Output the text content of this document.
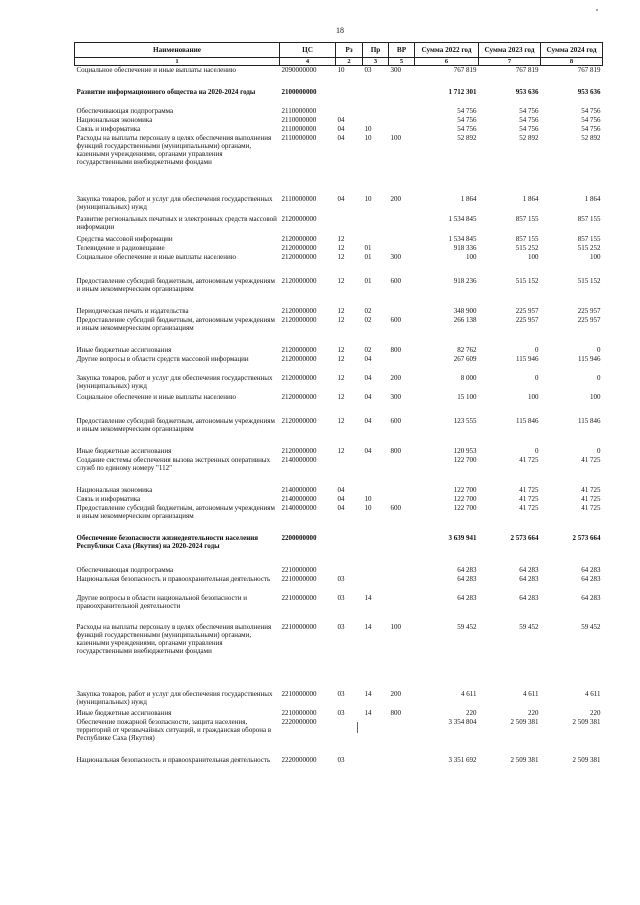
18
Наименование	ЦС	Рз	Пр	ВР	Сумма 2022 год	Сумма 2023 год	Сумма 2024 год
1	4	2	3	5	6	7	8
Социальное обеспечение и иные выплаты населению	2090000000	10	03	300	767 819	767 819	767 819

Развитие информационного общества на 2020-2024 годы	2100000000				1 712 301	953 636	953 636
Обеспечивающая подпрограмма	2110000000				54 756	54 756	54 756
Национальная экономика	2110000000	04			54 756	54 756	54 756
Связь и информатика	2110000000	04	10		54 756	54 756	54 756
Расходы на выплаты персоналу в целях обеспечения выполнения функций государственными (муниципальными) органами, казенными учреждениями, органами управления государственными внебюджетными фондами	2110000000	04	10	100	52 892	52 892	52 892
Закупка товаров, работ и услуг для обеспечения государственных (муниципальных) нужд	2110000000	04	10	200	1 864	1 864	1 864
Развитие региональных печатных и электронных средств массовой информации	2120000000				1 534 845	857 155	857 155
Средства массовой информации	2120000000	12			1 534 845	857 155	857 155
Телевидение и радиовещание	2120000000	12	01		918 336	515 252	515 252
Социальное обеспечение и иные выплаты населению	2120000000	12	01	300	100	100	100
Предоставление субсидий бюджетным, автономным учреждениям и иным некоммерческим организациям	2120000000	12	01	600	918 236	515 152	515 152
Периодическая печать и издательства	2120000000	12	02		348 900	225 957	225 957
Предоставление субсидий бюджетным, автономным учреждениям и иным некоммерческим организациям	2120000000	12	02	600	266 138	225 957	225 957
Иные бюджетные ассигнования	2120000000	12	02	800	82 762	0	0
Другие вопросы в области средств массовой информации	2120000000	12	04		267 609	115 946	115 946
Закупка товаров, работ и услуг для обеспечения государственных (муниципальных) нужд	2120000000	12	04	200	8 000	0	0
Социальное обеспечение и иные выплаты населению	2120000000	12	04	300	15 100	100	100
Предоставление субсидий бюджетным, автономным учреждениям и иным некоммерческим организациям	2120000000	12	04	600	123 555	115 846	115 846
Иные бюджетные ассигнования	2120000000	12	04	800	120 953	0	0
Создание системы обеспечения вызова экстренных оперативных служб по единому номеру "112"	2140000000				122 700	41 725	41 725
Национальная экономика	2140000000	04			122 700	41 725	41 725
Связь и информатика	2140000000	04	10		122 700	41 725	41 725
Предоставление субсидий бюджетным, автономным учреждениям и иным некоммерческим организациям	2140000000	04	10	600	122 700	41 725	41 725
Обеспечение безопасности жизнедеятельности населения Республики Саха (Якутия) на 2020-2024 годы	2200000000				3 639 941	2 573 664	2 573 664
Обеспечивающая подпрограмма	2210000000				64 283	64 283	64 283
Национальная безопасность и правоохранительная деятельность	2210000000	03			64 283	64 283	64 283
Другие вопросы в области национальной безопасности и правоохранительной деятельности	2210000000	03	14		64 283	64 283	64 283
Расходы на выплаты персоналу в целях обеспечения выполнения функций государственными (муниципальными) органами, казенными учреждениями, органами управления государственными внебюджетными фондами	2210000000	03	14	100	59 452	59 452	59 452
Закупка товаров, работ и услуг для обеспечения государственных (муниципальных) нужд	2210000000	03	14	200	4 611	4 611	4 611
Иные бюджетные ассигнования	2210000000	03	14	800	220	220	220
Обеспечение пожарной безопасности, защита населения, территорий от чрезвычайных ситуаций, и гражданская оборона в Республике Саха (Якутия)	2220000000				3 354 804	2 509 381	2 509 381
Национальная безопасность и правоохранительная деятельность	2220000000	03			3 351 692	2 509 381	2 509 381
